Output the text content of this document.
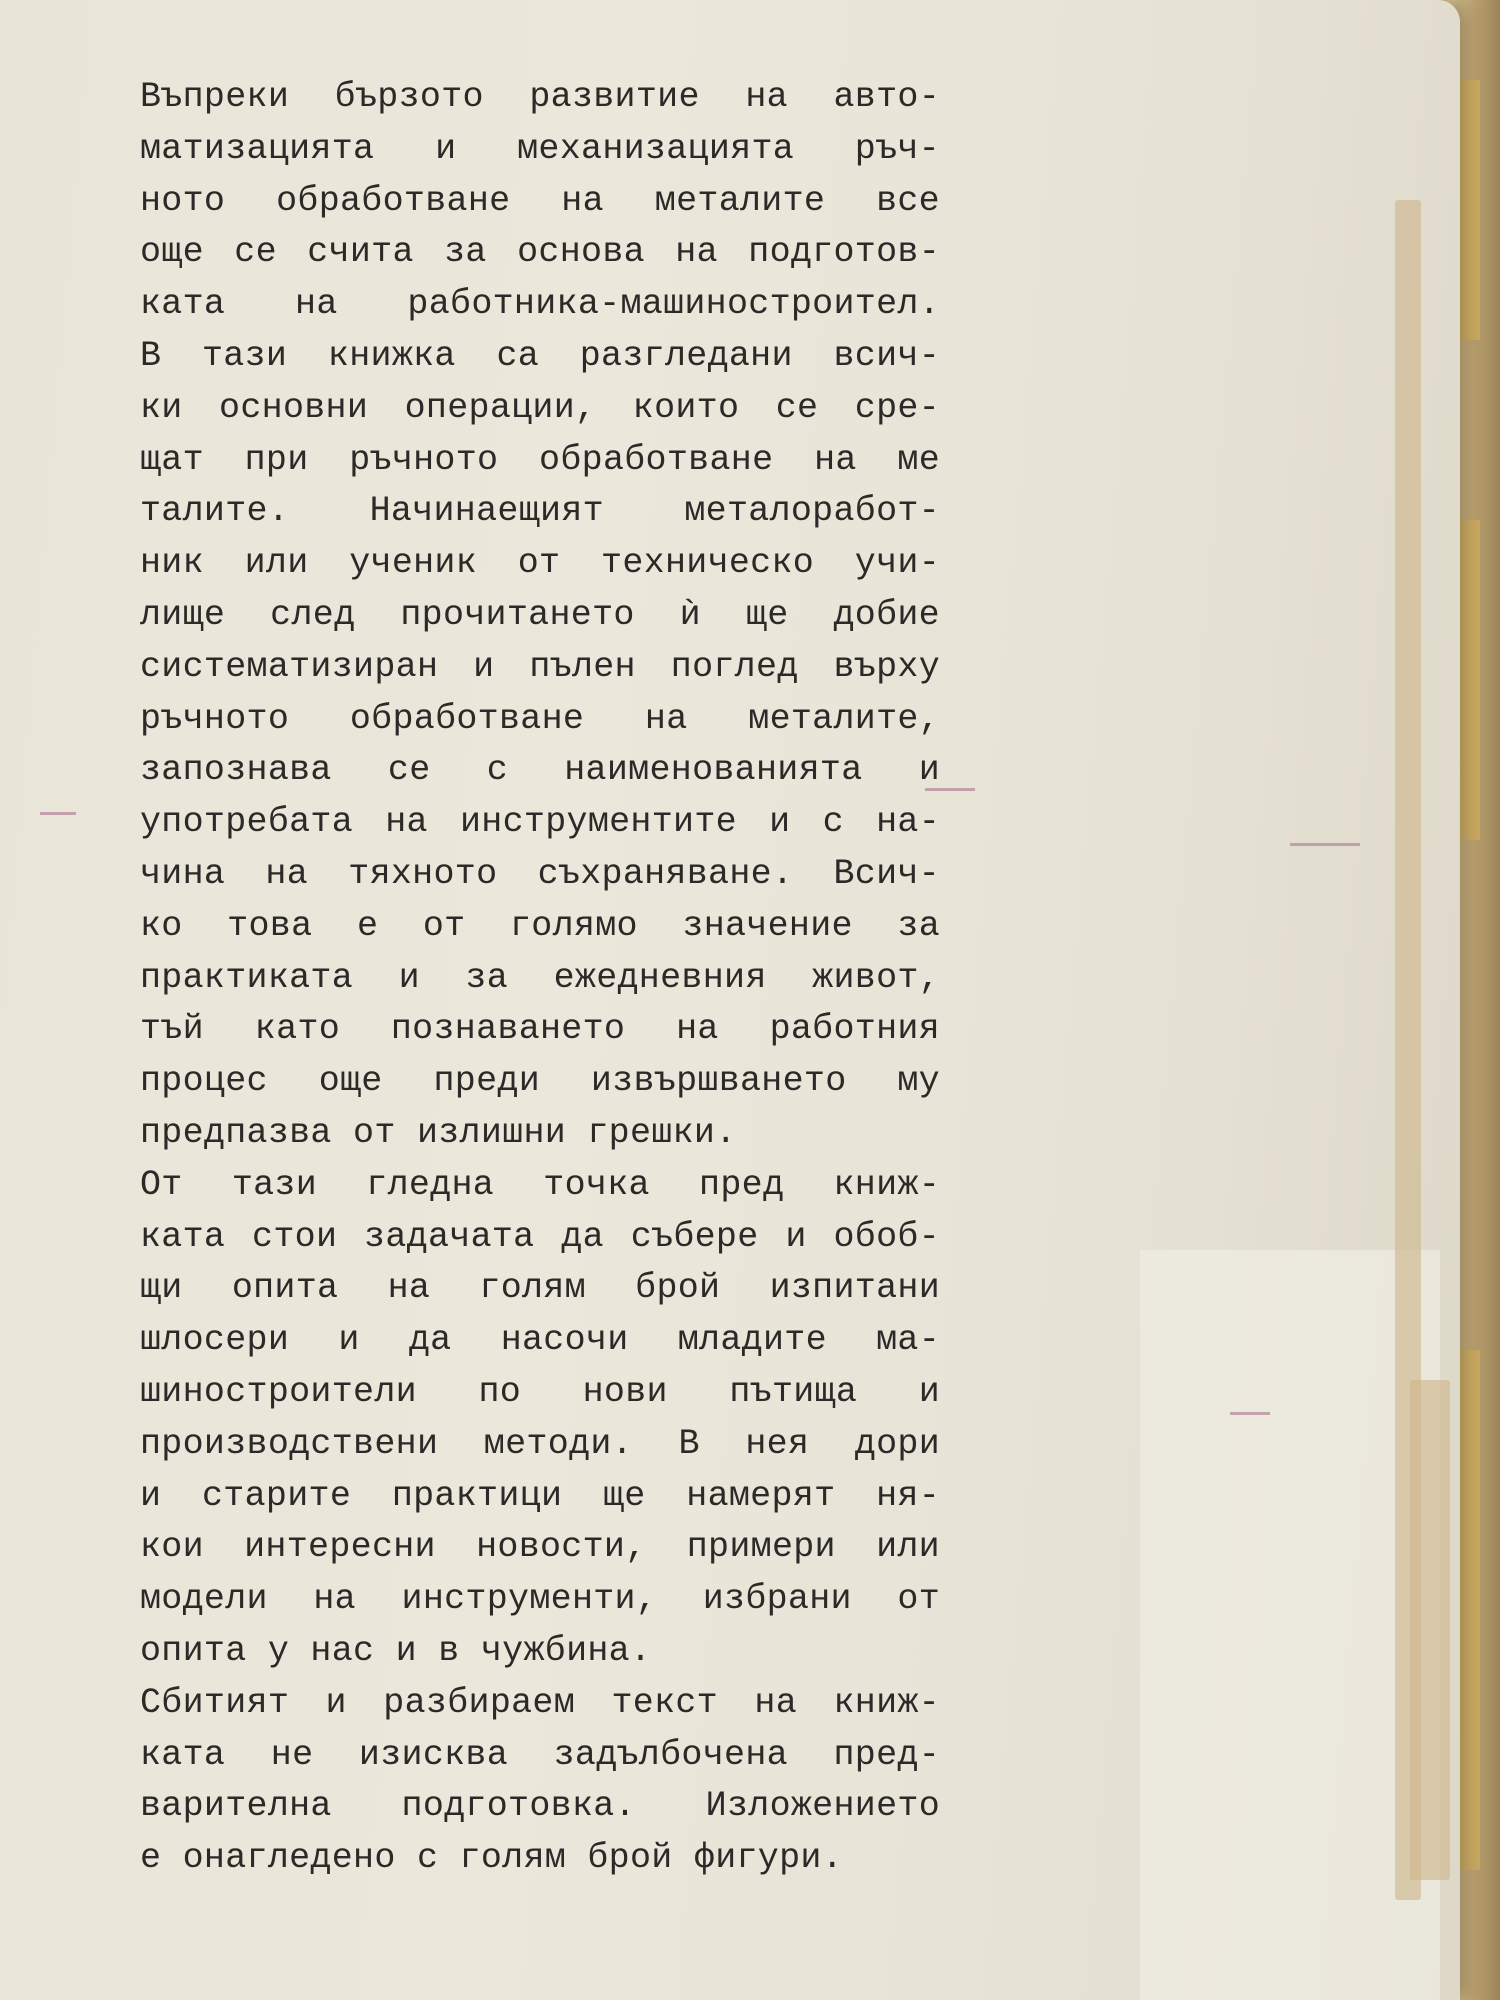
Въпреки бързото развитие на авто-
матизацията и механизацията ръч-
ното обработване на металите все
още се счита за основа на подготов-
ката на работника-машиностроител.
В тази книжка са разгледани всич-
ки основни операции, които се сре-
щат при ръчното обработване на ме
талите. Начинаещият металоработ-
ник или ученик от техническо учи-
лище след прочитането ѝ ще добие
систематизиран и пълен поглед върху
ръчното обработване на металите,
запознава се с наименованията и
употребата на инструментите и с на-
чина на тяхното съхраняване. Всич-
ко това е от голямо значение за
практиката и за ежедневния живот,
тъй като познаването на работния
процес още преди извършването му
предпазва от излишни грешки.
От тази гледна точка пред книж-
ката стои задачата да събере и обоб-
щи опита на голям брой изпитани
шлосери и да насочи младите ма-
шиностроители по нови пътища и
производствени методи. В нея дори
и старите практици ще намерят ня-
кои интересни новости, примери или
модели на инструменти, избрани от
опита у нас и в чужбина.
Сбитият и разбираем текст на книж-
ката не изисква задълбочена пред-
варителна подготовка. Изложението
е онагледено с голям брой фигури.
